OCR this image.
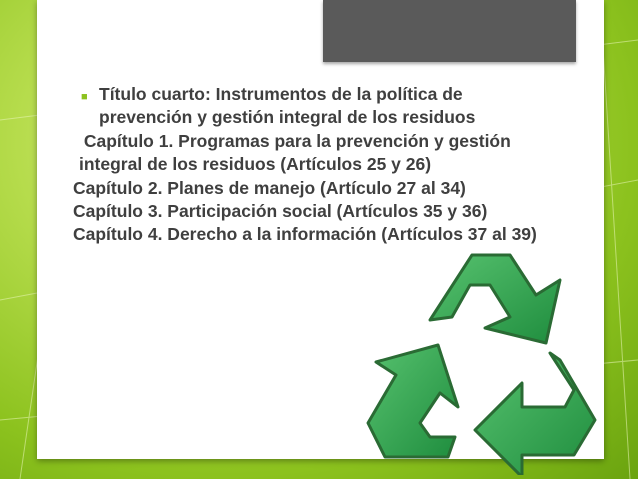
■ Título cuarto: Instrumentos de la política de prevención y gestión integral de los residuos
Capítulo 1. Programas para la prevención y gestión integral de los residuos (Artículos 25 y 26)
Capítulo 2. Planes de manejo (Artículo 27 al 34)
Capítulo 3. Participación social (Artículos 35 y 36)
Capítulo 4. Derecho a la información (Artículos 37 al 39)
